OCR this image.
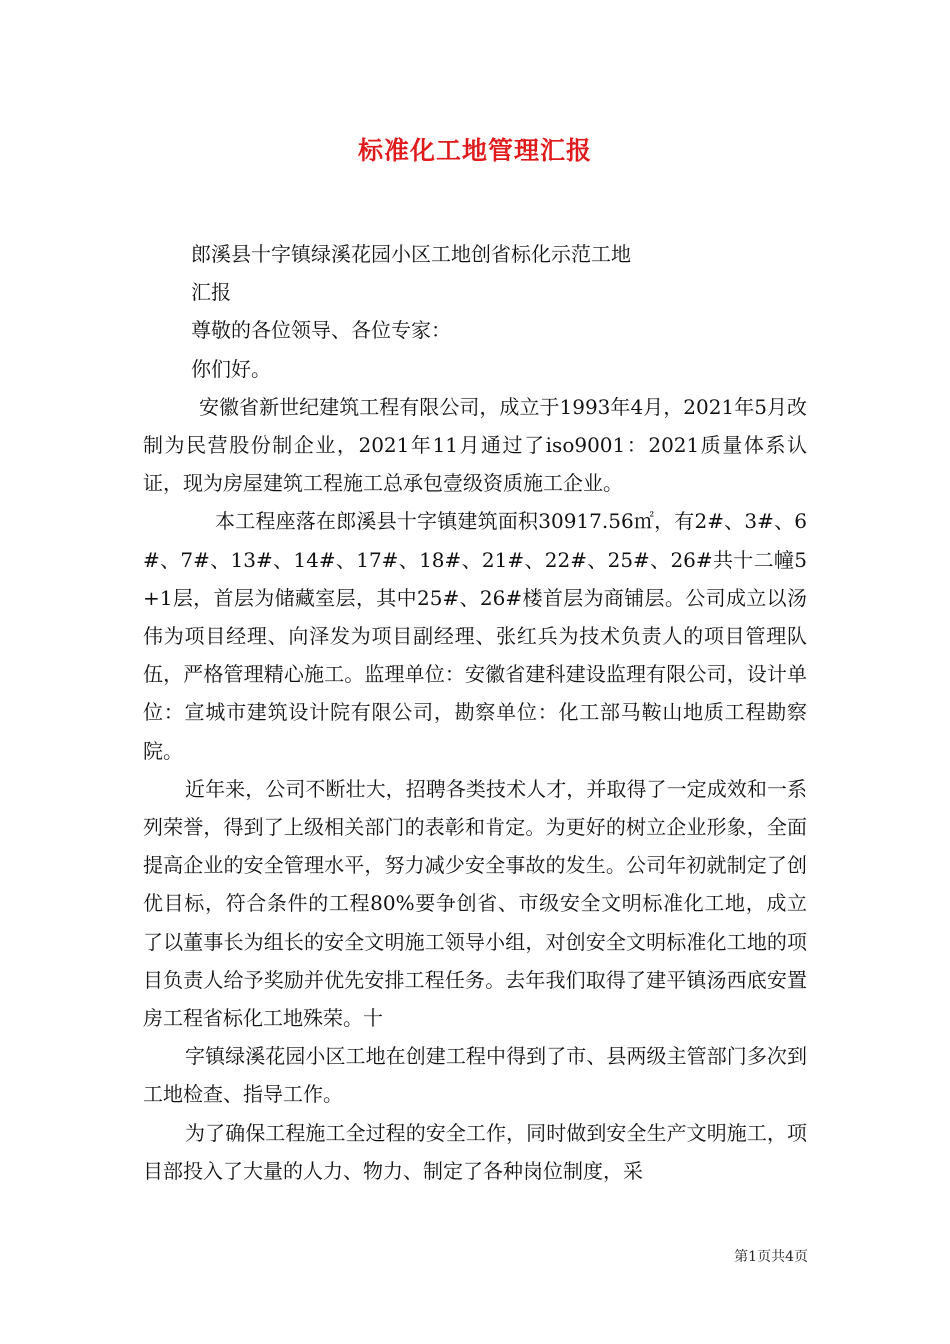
标准化工地管理汇报

郎溪县十字镇绿溪花园小区工地创省标化示范工地

汇报

尊敬的各位领导、各位专家：

你们好。

安徽省新世纪建筑工程有限公司，成立于1993年4月，2021年5月改制为民营股份制企业，2021年11月通过了iso9001：2021质量体系认证，现为房屋建筑工程施工总承包壹级资质施工企业。

本工程座落在郎溪县十字镇建筑面积30917.56㎡，有2#、3#、6#、7#、13#、14#、17#、18#、21#、22#、25#、26#共十二幢5+1层，首层为储藏室层，其中25#、26#楼首层为商铺层。公司成立以汤伟为项目经理、向泽发为项目副经理、张红兵为技术负责人的项目管理队伍，严格管理精心施工。监理单位：安徽省建科建设监理有限公司，设计单位：宣城市建筑设计院有限公司，勘察单位：化工部马鞍山地质工程勘察院。

近年来，公司不断壮大，招聘各类技术人才，并取得了一定成效和一系列荣誉，得到了上级相关部门的表彰和肯定。为更好的树立企业形象，全面提高企业的安全管理水平，努力减少安全事故的发生。公司年初就制定了创优目标，符合条件的工程80%要争创省、市级安全文明标准化工地，成立了以董事长为组长的安全文明施工领导小组，对创安全文明标准化工地的项目负责人给予奖励并优先安排工程任务。去年我们取得了建平镇汤西底安置房工程省标化工地殊荣。十

字镇绿溪花园小区工地在创建工程中得到了市、县两级主管部门多次到工地检查、指导工作。

为了确保工程施工全过程的安全工作，同时做到安全生产文明施工，项目部投入了大量的人力、物力、制定了各种岗位制度，采

第1页共4页
